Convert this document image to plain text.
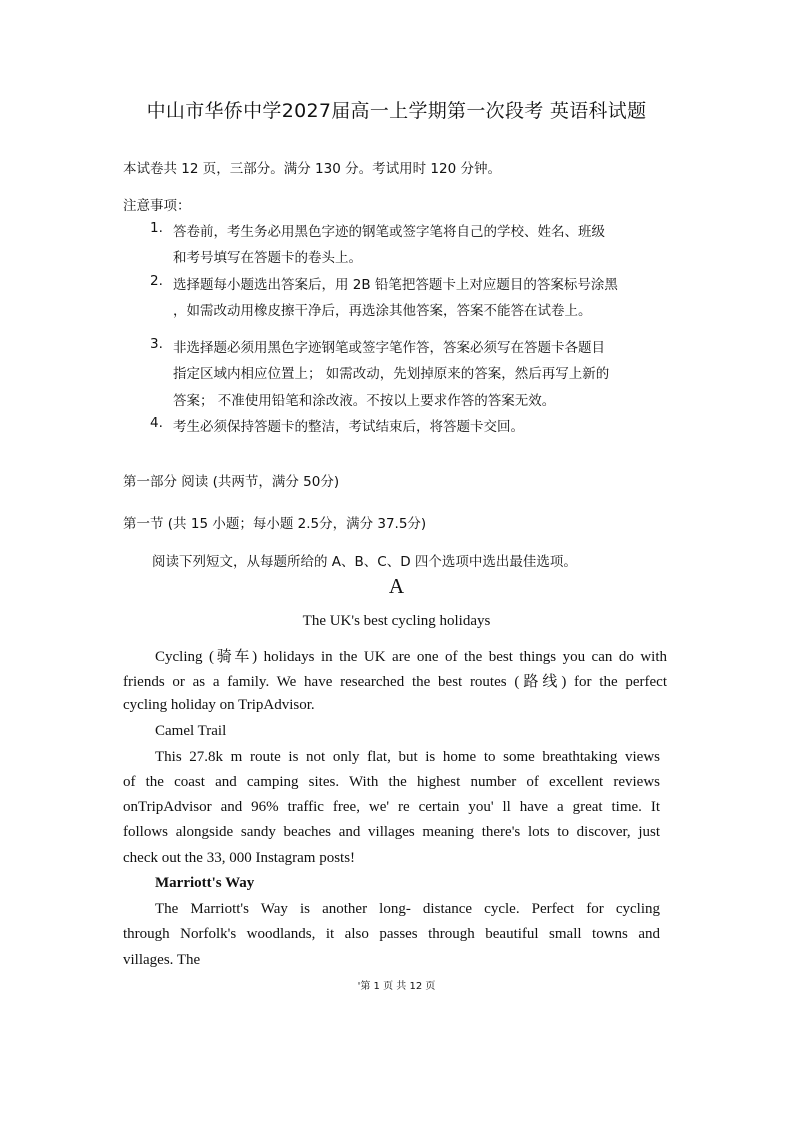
中山市华侨中学2027届高一上学期第一次段考 英语科试题
本试卷共 12 页，三部分。满分 130 分。考试用时 120 分钟。
注意事项：
1. 答卷前，考生务必用黑色字迹的钢笔或签字笔将自己的学校、姓名、班级
和考号填写在答题卡的卷头上。
2. 选择题每小题选出答案后，用 2B 铅笔把答题卡上对应题目的答案标号涂黑
，如需改动用橡皮擦干净后，再选涂其他答案，答案不能答在试卷上。
3. 非选择题必须用黑色字迹钢笔或签字笔作答，答案必须写在答题卡各题目
指定区域内相应位置上； 如需改动，先划掉原来的答案，然后再写上新的
答案； 不准使用铅笔和涂改液。不按以上要求作答的答案无效。
4. 考生必须保持答题卡的整洁，考试结束后，将答题卡交回。
第一部分 阅读 (共两节，满分 50分)
第一节 (共 15 小题；每小题 2.5分，满分 37.5分)
阅读下列短文，从每题所给的 A、B、C、D 四个选项中选出最佳选项。
A
The UK's best cycling holidays
Cycling (骑车) holidays in the UK are one of the best things you can do with
friends or as a family. We have researched the best routes (路线) for the perfect
cycling holiday on TripAdvisor.
Camel Trail
This 27.8k m route is not only flat, but is home to some breathtaking views
of the coast and camping sites. With the highest number of excellent reviews
onTripAdvisor and 96% traffic free, we' re certain you' ll have a great time. It
follows alongside sandy beaches and villages meaning there's lots to discover, just
check out the 33, 000 Instagram posts!
Marriott's Way
The Marriott's Way is another long- distance cycle. Perfect for cycling
through Norfolk's woodlands, it also passes through beautiful small towns and
villages. The
'第 1 页 共 12 页
